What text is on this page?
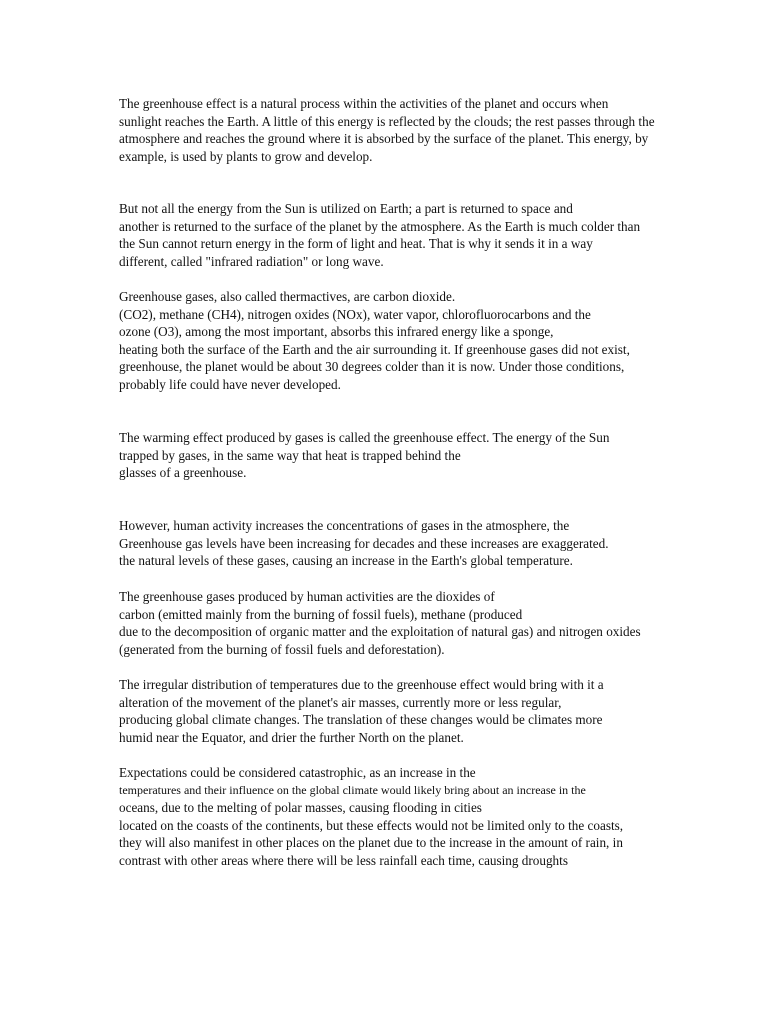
The greenhouse effect is a natural process within the activities of the planet and occurs when
sunlight reaches the Earth. A little of this energy is reflected by the clouds; the rest passes through the
atmosphere and reaches the ground where it is absorbed by the surface of the planet. This energy, by
example, is used by plants to grow and develop.

But not all the energy from the Sun is utilized on Earth; a part is returned to space and
another is returned to the surface of the planet by the atmosphere. As the Earth is much colder than
the Sun cannot return energy in the form of light and heat. That is why it sends it in a way
different, called "infrared radiation" or long wave.

Greenhouse gases, also called thermactives, are carbon dioxide.
(CO2), methane (CH4), nitrogen oxides (NOx), water vapor, chlorofluorocarbons and the
ozone (O3), among the most important, absorbs this infrared energy like a sponge,
heating both the surface of the Earth and the air surrounding it. If greenhouse gases did not exist,
greenhouse, the planet would be about 30 degrees colder than it is now. Under those conditions,
probably life could have never developed.

The warming effect produced by gases is called the greenhouse effect. The energy of the Sun
trapped by gases, in the same way that heat is trapped behind the
glasses of a greenhouse.

However, human activity increases the concentrations of gases in the atmosphere, the
Greenhouse gas levels have been increasing for decades and these increases are exaggerated.
the natural levels of these gases, causing an increase in the Earth's global temperature.

The greenhouse gases produced by human activities are the dioxides of
carbon (emitted mainly from the burning of fossil fuels), methane (produced
due to the decomposition of organic matter and the exploitation of natural gas) and nitrogen oxides
(generated from the burning of fossil fuels and deforestation).

The irregular distribution of temperatures due to the greenhouse effect would bring with it a
alteration of the movement of the planet's air masses, currently more or less regular,
producing global climate changes. The translation of these changes would be climates more
humid near the Equator, and drier the further North on the planet.

Expectations could be considered catastrophic, as an increase in the
temperatures and their influence on the global climate would likely bring about an increase in the
oceans, due to the melting of polar masses, causing flooding in cities
located on the coasts of the continents, but these effects would not be limited only to the coasts,
they will also manifest in other places on the planet due to the increase in the amount of rain, in
contrast with other areas where there will be less rainfall each time, causing droughts
